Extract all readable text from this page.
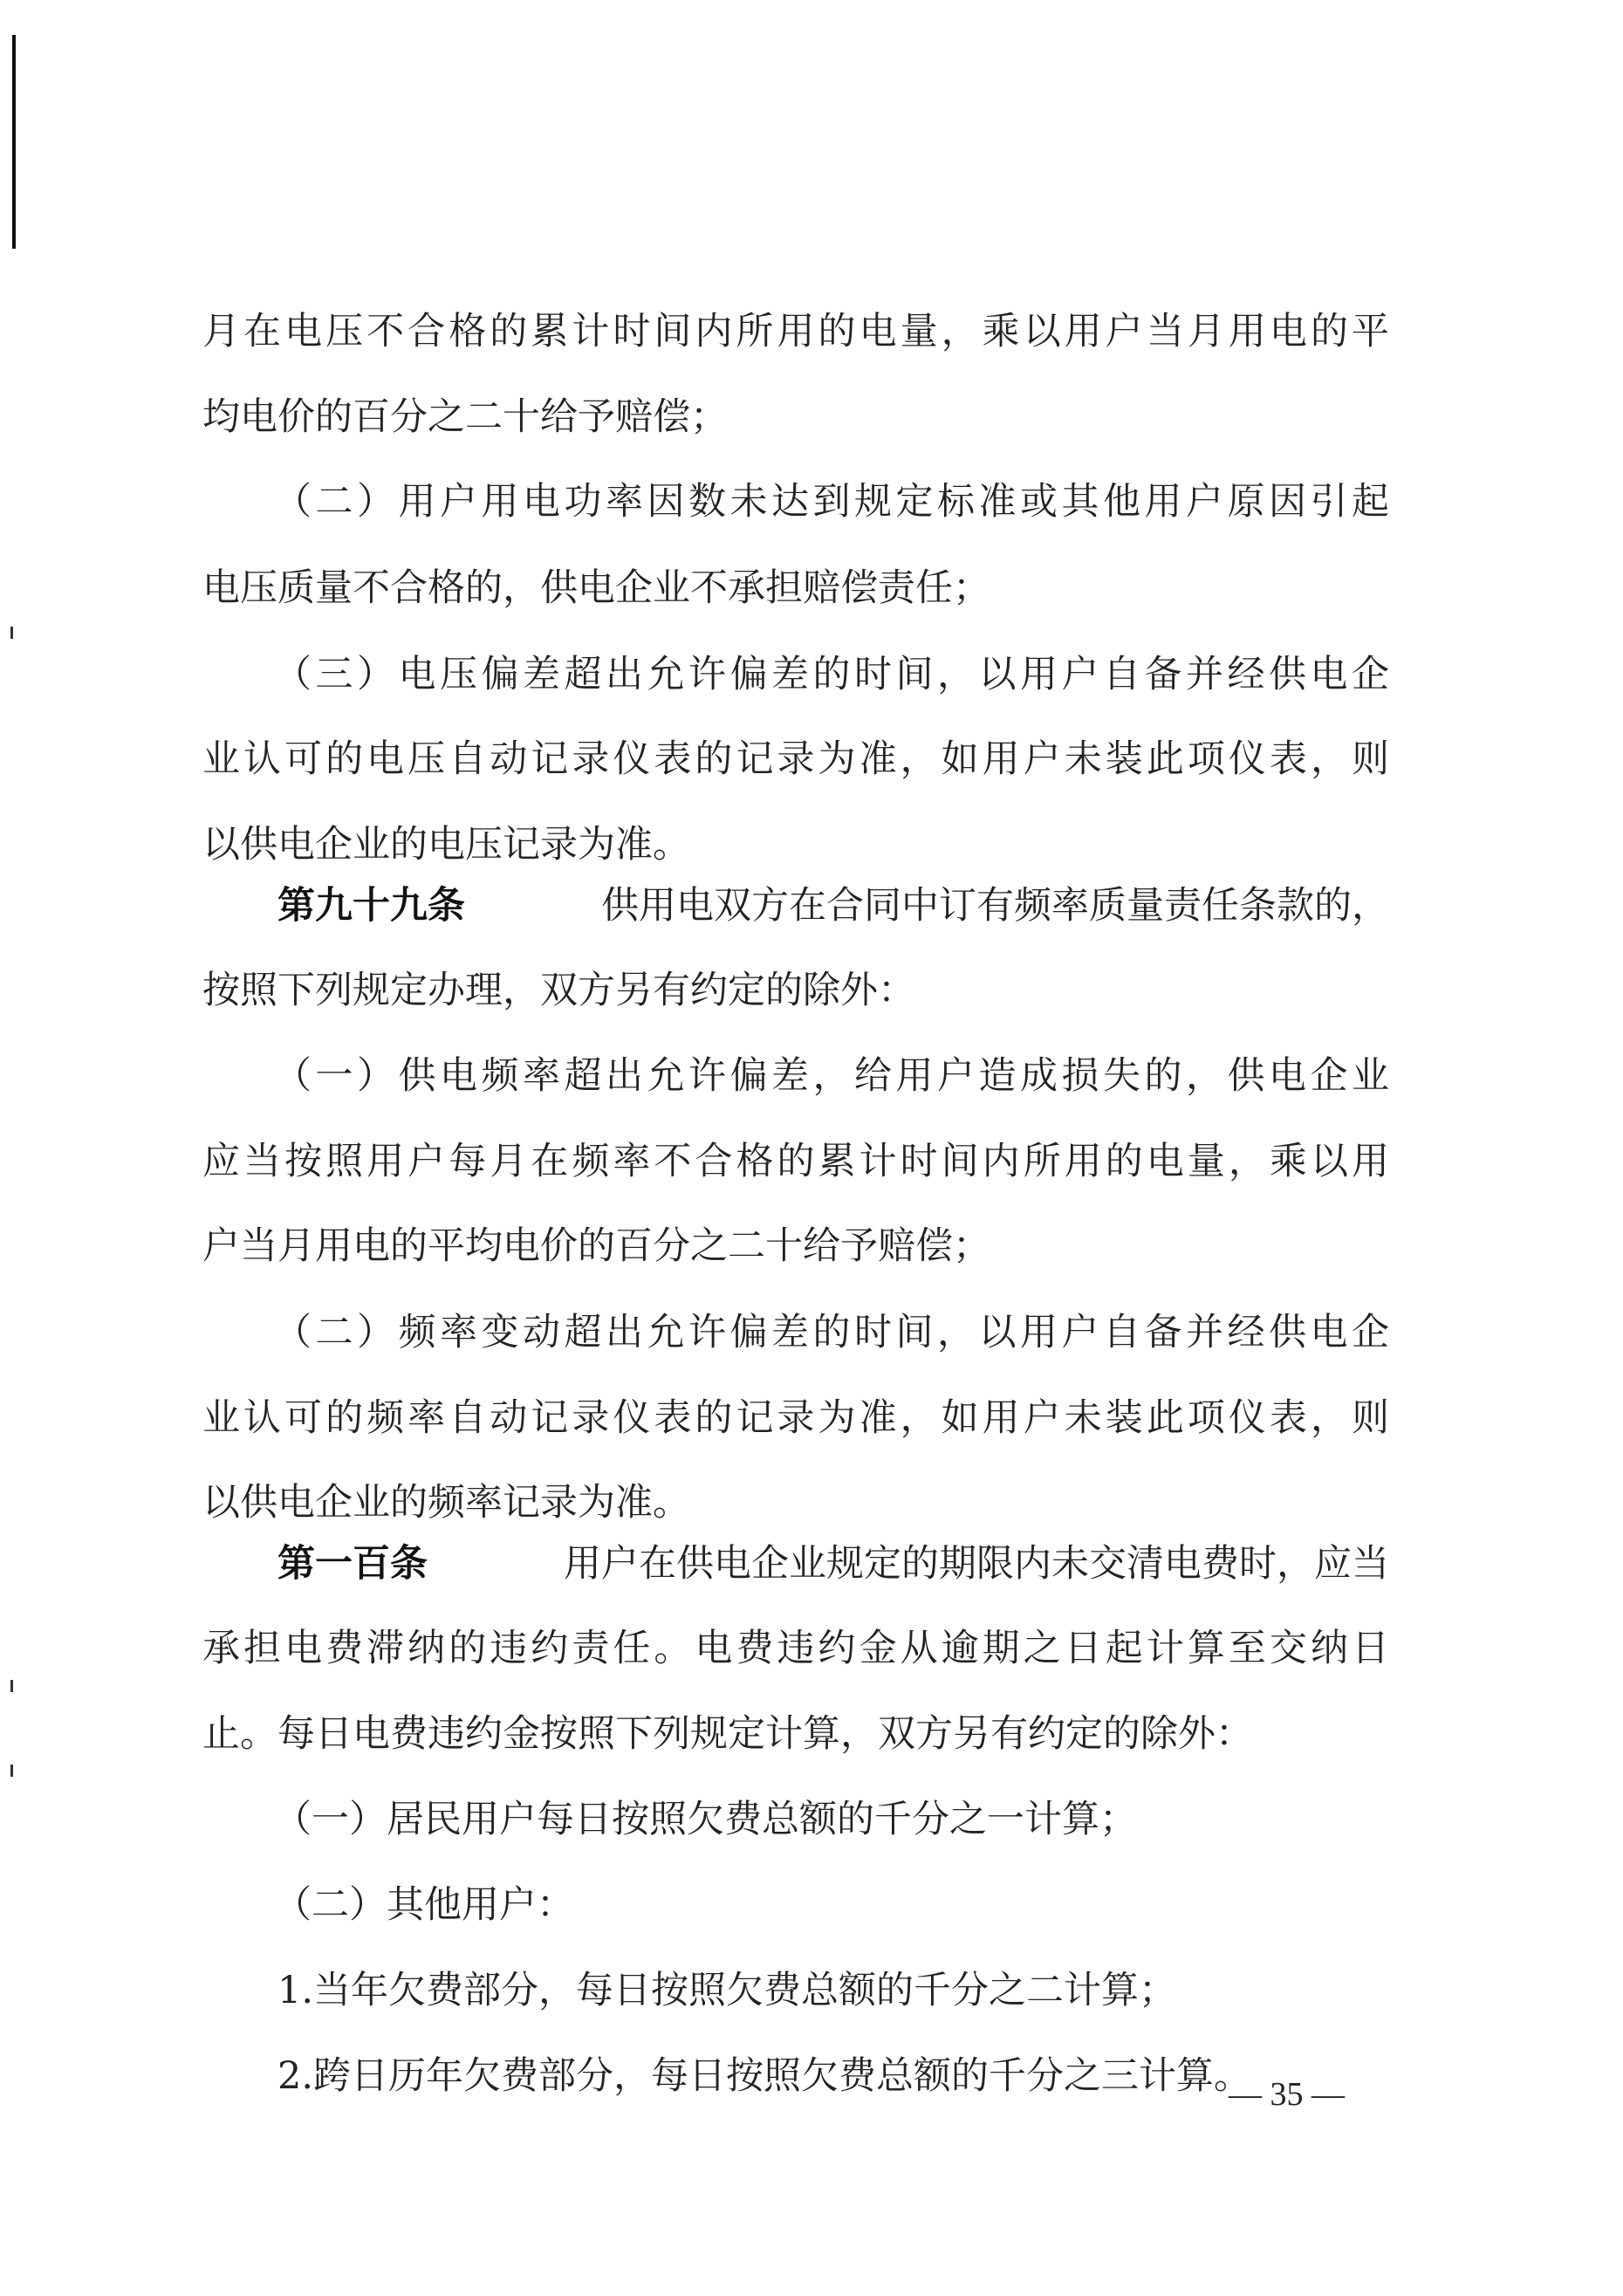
月在电压不合格的累计时间内所用的电量，乘以用户当月用电的平
均电价的百分之二十给予赔偿；
（二）用户用电功率因数未达到规定标准或其他用户原因引起
电压质量不合格的，供电企业不承担赔偿责任；
（三）电压偏差超出允许偏差的时间，以用户自备并经供电企
业认可的电压自动记录仪表的记录为准，如用户未装此项仪表，则
以供电企业的电压记录为准。
第九十九条	供用电双方在合同中订有频率质量责任条款的，
按照下列规定办理，双方另有约定的除外：
（一）供电频率超出允许偏差，给用户造成损失的，供电企业
应当按照用户每月在频率不合格的累计时间内所用的电量，乘以用
户当月用电的平均电价的百分之二十给予赔偿；
（二）频率变动超出允许偏差的时间，以用户自备并经供电企
业认可的频率自动记录仪表的记录为准，如用户未装此项仪表，则
以供电企业的频率记录为准。
第一百条	用户在供电企业规定的期限内未交清电费时，应当
承担电费滞纳的违约责任。电费违约金从逾期之日起计算至交纳日
止。每日电费违约金按照下列规定计算，双方另有约定的除外：
（一）居民用户每日按照欠费总额的千分之一计算；
（二）其他用户：
1.当年欠费部分，每日按照欠费总额的千分之二计算；
2.跨日历年欠费部分，每日按照欠费总额的千分之三计算。
— 35 —
